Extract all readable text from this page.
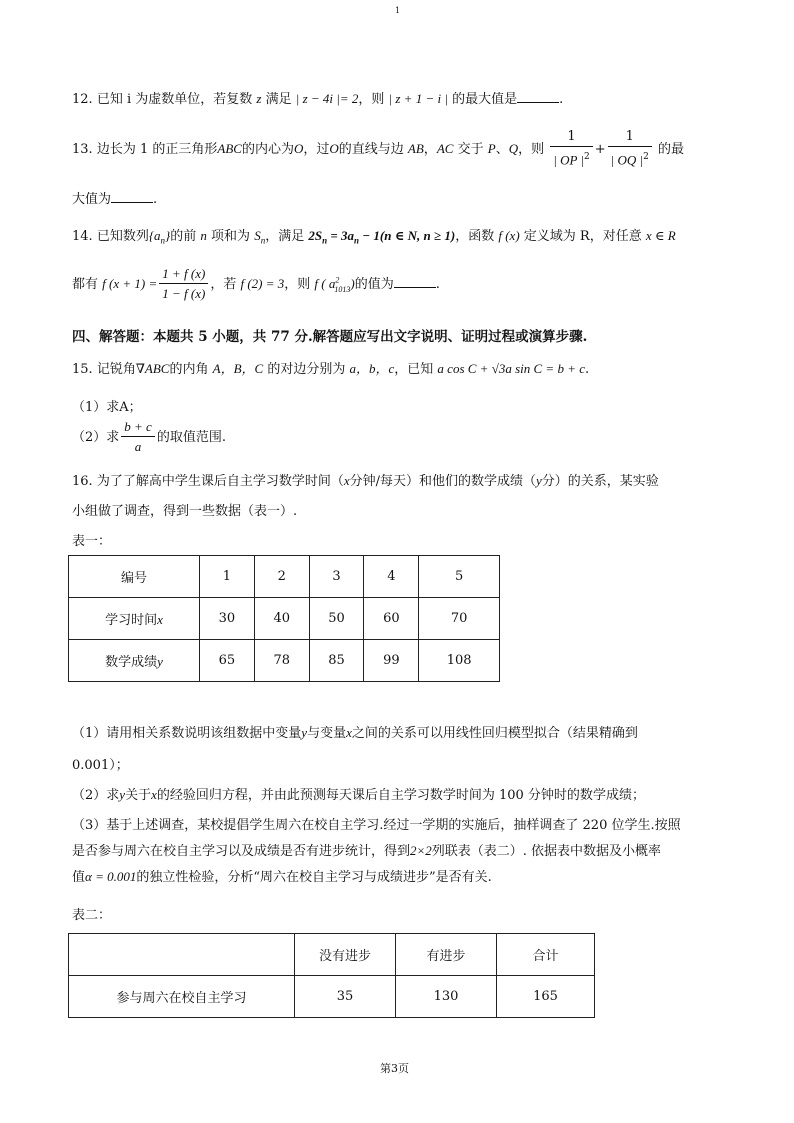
1
12. 已知 i 为虚数单位，若复数 z 满足 | z − 4i |= 2，则 | z + 1 − i | 的最大值是	.
13. 边长为 1 的正三角形ABC的内心为O，过O的直线与边 AB，AC 交于 P、Q，则 $\frac{1}{| OP |^2} + \frac{1}{| OQ |^2}$ 的最
大值为	.
14. 已知数列$\{a_n\}$的前 n 项和为 $S_n$，满足 $2S_n = 3a_n - 1(n$ ∈ N, n ≥ 1)，函数 f (x) 定义域为 R，对任意 x ∈ R
都有 f $(x + 1) = \frac{1 + f (x)}{1 - f (x)}$ ，若 f (2) = 3，则 f ( $a^2_{1013}$)的值为	.
四、解答题：本题共 5 小题，共 77 分.解答题应写出文字说明、证明过程或演算步骤.
15. 记锐角∇ABC的内角 A，B，C 的对边分别为 a，b，c，已知 a cos C + √3a sin C = b + c.
（1）求A；
（2）求 $\frac{b + c}{a}$ 的取值范围.
16. 为了了解高中学生课后自主学习数学时间（x分钟/每天）和他们的数学成绩（y分）的关系，某实验
小组做了调查，得到一些数据（表一）.
表一：
编号	1	2	3	4	5
学习时间x	30	40	50	60	70
数学成绩y	65	78	85	99	108
（1）请用相关系数说明该组数据中变量y与变量x之间的关系可以用线性回归模型拟合（结果精确到
0.001）；
（2）求y关于x的经验回归方程，并由此预测每天课后自主学习数学时间为 100 分钟时的数学成绩；
（3）基于上述调查，某校提倡学生周六在校自主学习.经过一学期的实施后，抽样调查了 220 位学生.按照
是否参与周六在校自主学习以及成绩是否有进步统计，得到2×2列联表（表二）. 依据表中数据及小概率
值α = 0.001的独立性检验，分析“周六在校自主学习与成绩进步”是否有关.
表二：
	没有进步	有进步	合计
参与周六在校自主学习	35	130	165
第3页
